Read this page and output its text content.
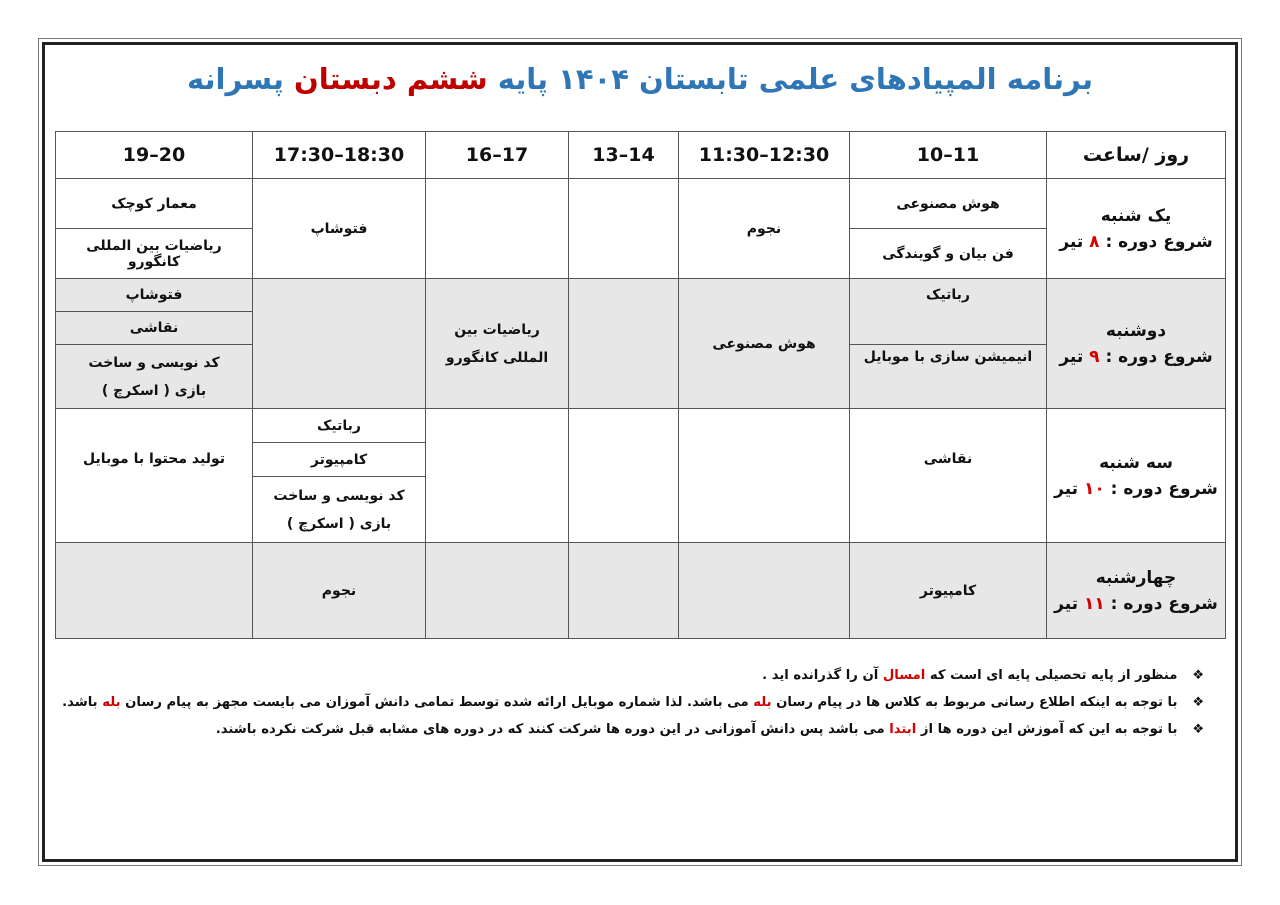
برنامه المپیادهای علمی تابستان ۱۴۰۴ پایه ششم دبستان پسرانه
روز /ساعت	10–11	11:30–12:30	13–14	16–17	17:30–18:30	19–20

یک شنبه
شروع دوره : ۸ تیر	هوش مصنوعی	نجوم			فتوشاپ	معمار کوچک
	فن بیان و گویندگی					ریاضیات بین المللی کانگورو

دوشنبه
شروع دوره : ۹ تیر	رباتیک	هوش مصنوعی		ریاضیات بین المللی کانگورو		فتوشاپ
						نقاشی
	انیمیشن سازی با موبایل					کد نویسی و ساخت بازی ( اسکرچ )

سه شنبه
شروع دوره : ۱۰ تیر	نقاشی				رباتیک	تولید محتوا با موبایل
					کامپیوتر	
					کد نویسی و ساخت بازی ( اسکرچ )	

چهارشنبه
شروع دوره : ۱۱ تیر	کامپیوتر				نجوم	
❖ منظور از پایه تحصیلی پایه ای است که امسال آن را گذرانده اید .
❖ با توجه به اینکه اطلاع رسانی مربوط به کلاس ها در پیام رسان بله می باشد. لذا شماره موبایل ارائه شده توسط تمامی دانش آموزان می بایست مجهز به پیام رسان بله باشد.
❖ با توجه به این که آموزش این دوره ها از ابتدا می باشد پس دانش آموزانی در این دوره ها شرکت کنند که در دوره های مشابه قبل شرکت نکرده باشند.
